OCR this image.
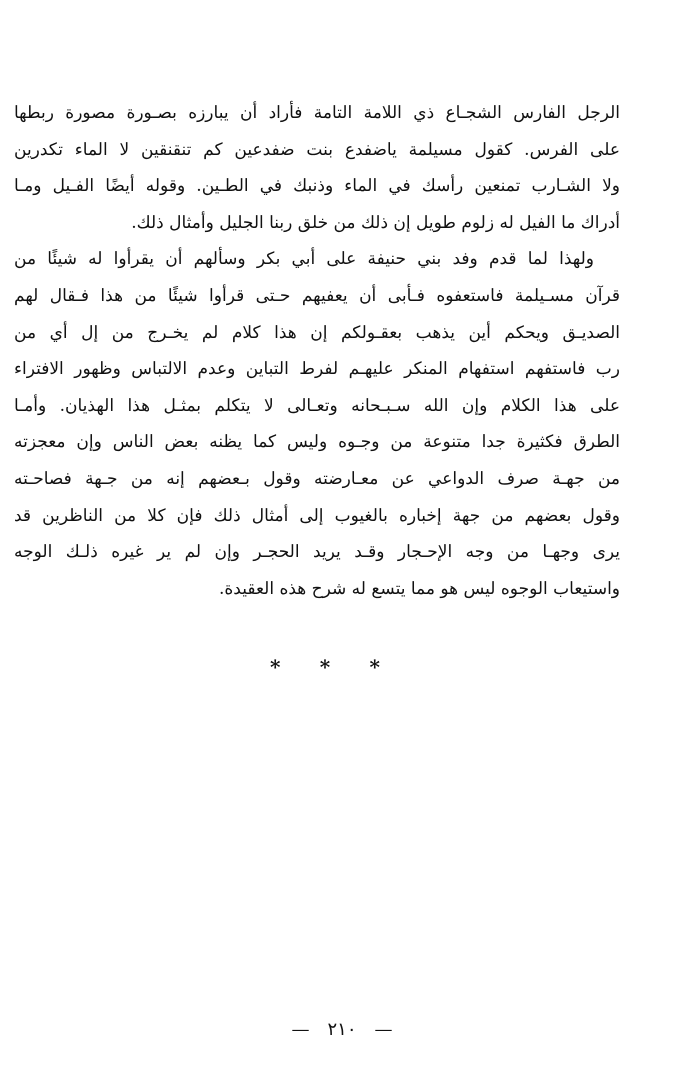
الرجل الفارس الشجـاع ذي اللامة التامة فأراد أن يبارزه بصـورة مصورة ربطها
على الفرس. كقول مسيلمة ياضفدع بنت ضفدعين كم تنقنقين لا الماء تكدرين
ولا الشـارب تمنعين رأسك في الماء وذنبك في الطـين. وقوله أيضًا الفـيل ومـا
أدراك ما الفيل له زلوم طويل إن ذلك من خلق ربنا الجليل وأمثال ذلك.
ولهذا لما قدم وفد بني حنيفة على أبي بكر وسألهم أن يقرأوا له شيئًا من
قرآن مسـيلمة فاستعفوه فـأبى أن يعفيهم حـتى قرأوا شيئًا من هذا فـقال لهم
الصديـق ويحكم أين يذهب بعقـولكم إن هذا كلام لم يخـرج من إل أي من
رب فاستفهم استفهام المنكر عليهـم لفرط التباين وعدم الالتباس وظهور الافتراء
على هذا الكلام وإن الله سـبـحانه وتعـالى لا يتكلم بمثـل هذا الهذيان. وأمـا
الطرق فكثيرة جدا متنوعة من وجـوه وليس كما يظنه بعض الناس وإن معجزته
من جهـة صرف الدواعي عن معـارضته وقول بـعضهم إنه من جـهة فصاحـته
وقول بعضهم من جهة إخباره بالغيوب إلى أمثال ذلك فإن كلا من الناظرين قد
يرى وجهـا من وجه الإحـجار وقـد يريد الحجـر وإن لم ير غيره ذلـك الوجه
واستيعاب الوجوه ليس هو مما يتسع له شرح هذه العقيدة.
* * *
— ٢١٠ —
